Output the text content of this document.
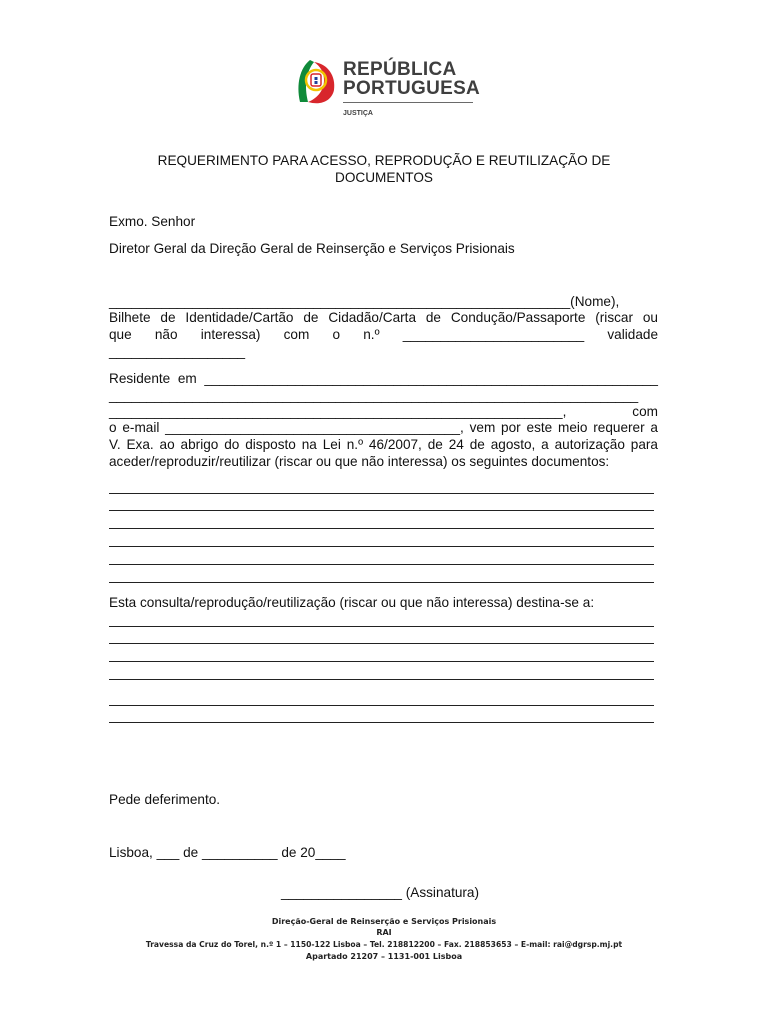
REPÚBLICA
PORTUGUESA
JUSTIÇA
REQUERIMENTO PARA ACESSO, REPRODUÇÃO E REUTILIZAÇÃO DE
DOCUMENTOS
Exmo. Senhor
Diretor Geral da Direção Geral de Reinserção e Serviços Prisionais
_____________________________________________________________(Nome),
Bilhete de Identidade/Cartão de Cidadão/Carta de Condução/Passaporte (riscar ou
que não interessa) com o n.º ________________________ validade
__________________
Residente em ____________________________________________________________
______________________________________________________________________
____________________________________________________________, com
o e-mail _______________________________________, vem por este meio requerer a
V. Exa. ao abrigo do disposto na Lei n.º 46/2007, de 24 de agosto, a autorização para
aceder/reproduzir/reutilizar (riscar ou que não interessa) os seguintes documentos:
Esta consulta/reprodução/reutilização (riscar ou que não interessa) destina-se a:
Pede deferimento.
Lisboa, ___ de __________ de 20____
________________ (Assinatura)
Direção-Geral de Reinserção e Serviços Prisionais
RAI
Travessa da Cruz do Torel, n.º 1 – 1150-122 Lisboa – Tel. 218812200 – Fax. 218853653 – E-mail: rai@dgrsp.mj.pt
Apartado 21207 – 1131-001 Lisboa
